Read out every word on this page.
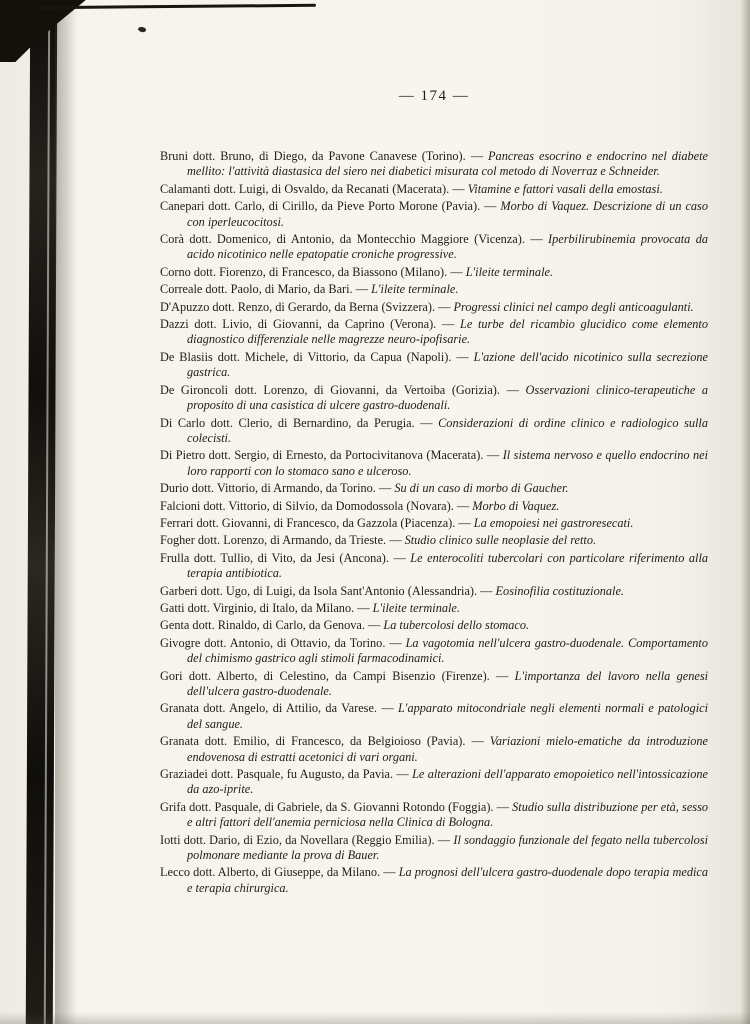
— 174 —

Bruni dott. Bruno, di Diego, da Pavone Canavese (Torino). — Pancreas esocrino e endocrino nel diabete mellito: l'attività diastasica del siero nei diabetici misurata col metodo di Noverraz e Schneider.

Calamanti dott. Luigi, di Osvaldo, da Recanati (Macerata). — Vitamine e fattori vasali della emostasi.

Canepari dott. Carlo, di Cirillo, da Pieve Porto Morone (Pavia). — Morbo di Vaquez. Descrizione di un caso con iperleucocitosi.

Corà dott. Domenico, di Antonio, da Montecchio Maggiore (Vicenza). — Iperbilirubinemia provocata da acido nicotinico nelle epatopatie croniche progressive.

Corno dott. Fiorenzo, di Francesco, da Biassono (Milano). — L'ileite terminale.

Correale dott. Paolo, di Mario, da Bari. — L'ileite terminale.

D'Apuzzo dott. Renzo, di Gerardo, da Berna (Svizzera). — Progressi clinici nel campo degli anticoagulanti.

Dazzi dott. Livio, di Giovanni, da Caprino (Verona). — Le turbe del ricambio glucidico come elemento diagnostico differenziale nelle magrezze neuro-ipofisarie.

De Blasiis dott. Michele, di Vittorio, da Capua (Napoli). — L'azione dell'acido nicotinico sulla secrezione gastrica.

De Gironcoli dott. Lorenzo, di Giovanni, da Vertoiba (Gorizia). — Osservazioni clinico-terapeutiche a proposito di una casistica di ulcere gastro-duodenali.

Di Carlo dott. Clerio, di Bernardino, da Perugia. — Considerazioni di ordine clinico e radiologico sulla colecisti.

Di Pietro dott. Sergio, di Ernesto, da Portocivitanova (Macerata). — Il sistema nervoso e quello endocrino nei loro rapporti con lo stomaco sano e ulceroso.

Durio dott. Vittorio, di Armando, da Torino. — Su di un caso di morbo di Gaucher.

Falcioni dott. Vittorio, di Silvio, da Domodossola (Novara). — Morbo di Vaquez.

Ferrari dott. Giovanni, di Francesco, da Gazzola (Piacenza). — La emopoiesi nei gastroresecati.

Fogher dott. Lorenzo, di Armando, da Trieste. — Studio clinico sulle neoplasie del retto.

Frulla dott. Tullio, di Vito, da Jesi (Ancona). — Le enterocoliti tubercolari con particolare riferimento alla terapia antibiotica.

Garberi dott. Ugo, di Luigi, da Isola Sant'Antonio (Alessandria). — Eosinofilia costituzionale.

Gatti dott. Virginio, di Italo, da Milano. — L'ileite terminale.

Genta dott. Rinaldo, di Carlo, da Genova. — La tubercolosi dello stomaco.

Givogre dott. Antonio, di Ottavio, da Torino. — La vagotomia nell'ulcera gastro-duodenale. Comportamento del chimismo gastrico agli stimoli farmacodinamici.

Gori dott. Alberto, di Celestino, da Campi Bisenzio (Firenze). — L'importanza del lavoro nella genesi dell'ulcera gastro-duodenale.

Granata dott. Angelo, di Attilio, da Varese. — L'apparato mitocondriale negli elementi normali e patologici del sangue.

Granata dott. Emilio, di Francesco, da Belgioioso (Pavia). — Variazioni mielo-ematiche da introduzione endovenosa di estratti acetonici di vari organi.

Graziadei dott. Pasquale, fu Augusto, da Pavia. — Le alterazioni dell'apparato emopoietico nell'intossicazione da azo-iprite.

Grifa dott. Pasquale, di Gabriele, da S. Giovanni Rotondo (Foggia). — Studio sulla distribuzione per età, sesso e altri fattori dell'anemia perniciosa nella Clinica di Bologna.

Iotti dott. Dario, di Ezio, da Novellara (Reggio Emilia). — Il sondaggio funzionale del fegato nella tubercolosi polmonare mediante la prova di Bauer.

Lecco dott. Alberto, di Giuseppe, da Milano. — La prognosi dell'ulcera gastro-duodenale dopo terapia medica e terapia chirurgica.
